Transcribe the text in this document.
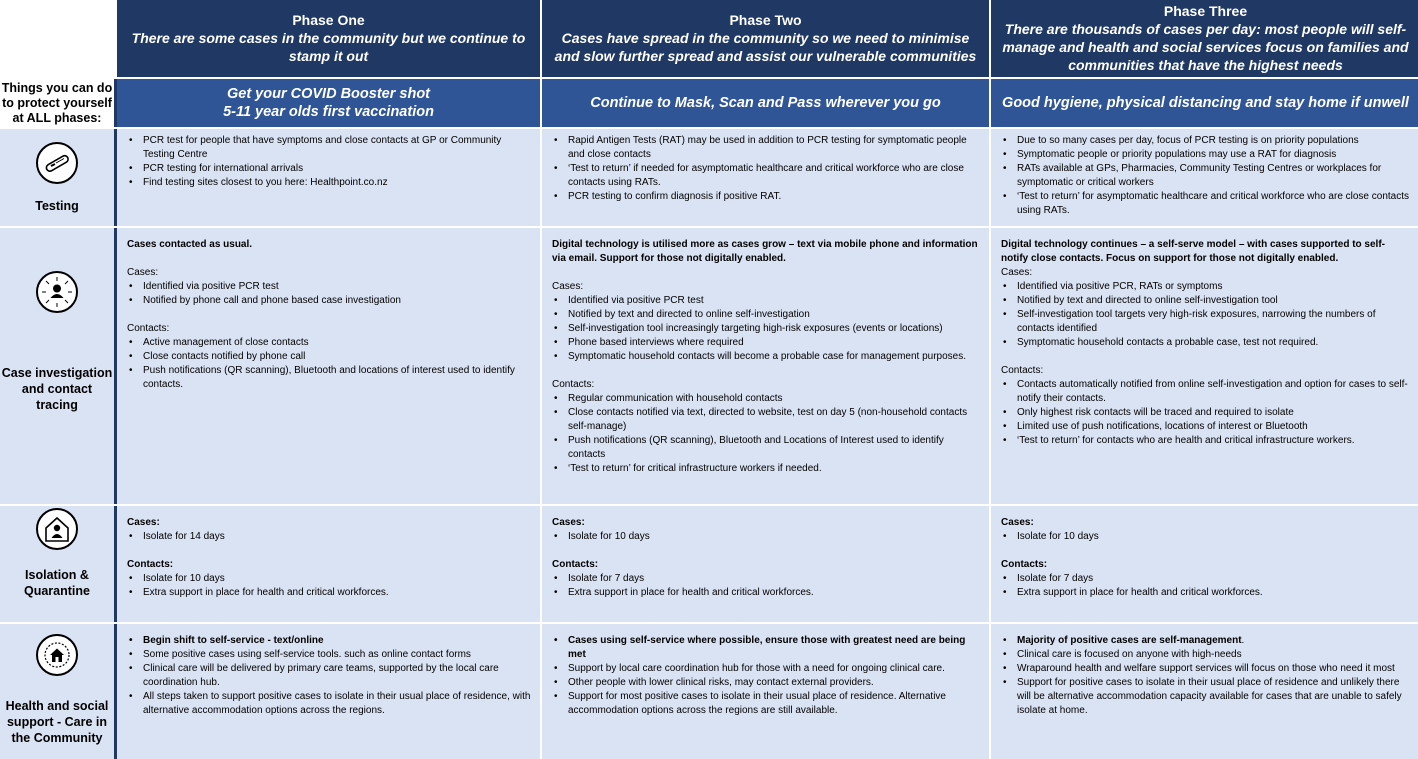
Phase One
There are some cases in the community but we continue to stamp it out
Phase Two
Cases have spread in the community so we need to minimise and slow further spread and assist our vulnerable communities
Phase Three
There are thousands of cases per day: most people will self-manage and health and social services focus on families and communities that have the highest needs
Things you can do to protect yourself at ALL phases:
Get your COVID Booster shot
5-11 year olds first vaccination
Continue to Mask, Scan and Pass wherever you go	Good hygiene, physical distancing and stay home if unwell
Testing
• PCR test for people that have symptoms and close contacts at GP or Community Testing Centre
• PCR testing for international arrivals
• Find testing sites closest to you here: Healthpoint.co.nz
• Rapid Antigen Tests (RAT) may be used in addition to PCR testing for symptomatic people and close contacts
• ‘Test to return’ if needed for asymptomatic healthcare and critical workforce who are close contacts using RATs.
• PCR testing to confirm diagnosis if positive RAT.
• Due to so many cases per day, focus of PCR testing is on priority populations
• Symptomatic people or priority populations may use a RAT for diagnosis
• RATs available at GPs, Pharmacies, Community Testing Centres or workplaces for symptomatic or critical workers
• ‘Test to return’ for asymptomatic healthcare and critical workforce who are close contacts using RATs.
Case investigation and contact tracing

Cases contacted as usual.

Cases:

• Identified via positive PCR test
• Notified by phone call and phone based case investigation

Contacts:

• Active management of close contacts
• Close contacts notified by phone call
• Push notifications (QR scanning), Bluetooth and locations of interest used to identify contacts.

Digital technology is utilised more as cases grow – text via mobile phone and information via email. Support for those not digitally enabled.

Cases:

• Identified via positive PCR test
• Notified by text and directed to online self-investigation
• Self-investigation tool increasingly targeting high-risk exposures (events or locations)
• Phone based interviews where required
• Symptomatic household contacts will become a probable case for management purposes.

Contacts:

• Regular communication with household contacts
• Close contacts notified via text, directed to website, test on day 5 (non-household contacts self-manage)
• Push notifications (QR scanning), Bluetooth and Locations of Interest used to identify contacts
• ‘Test to return’ for critical infrastructure workers if needed.

Digital technology continues – a self-serve model – with cases supported to self-notify close contacts. Focus on support for those not digitally enabled.

Cases:

• Identified via positive PCR, RATs or symptoms
• Notified by text and directed to online self-investigation tool
• Self-investigation tool targets very high-risk exposures, narrowing the numbers of contacts identified
• Symptomatic household contacts a probable case, test not required.

Contacts:

• Contacts automatically notified from online self-investigation and option for cases to self-notify their contacts.
• Only highest risk contacts will be traced and required to isolate
• Limited use of push notifications, locations of interest or Bluetooth
• ‘Test to return’ for contacts who are health and critical infrastructure workers.
Isolation & Quarantine

Cases:

• Isolate for 14 days

Contacts:

• Isolate for 10 days
• Extra support in place for health and critical workforces.

Cases:

• Isolate for 10 days

Contacts:

• Isolate for 7 days
• Extra support in place for health and critical workforces.

Cases:

• Isolate for 10 days

Contacts:

• Isolate for 7 days
• Extra support in place for health and critical workforces.
Health and social support - Care in the Community
• Begin shift to self-service - text/online
• Some positive cases using self-service tools. such as online contact forms
• Clinical care will be delivered by primary care teams, supported by the local care coordination hub.
• All steps taken to support positive cases to isolate in their usual place of residence, with alternative accommodation options across the regions.
• Cases using self-service where possible, ensure those with greatest need are being met
• Support by local care coordination hub for those with a need for ongoing clinical care.
• Other people with lower clinical risks, may contact external providers.
• Support for most positive cases to isolate in their usual place of residence. Alternative accommodation options across the regions are still available.
• Majority of positive cases are self-management.
• Clinical care is focused on anyone with high-needs
• Wraparound health and welfare support services will focus on those who need it most
• Support for positive cases to isolate in their usual place of residence and unlikely there will be alternative accommodation capacity available for cases that are unable to safely isolate at home.
